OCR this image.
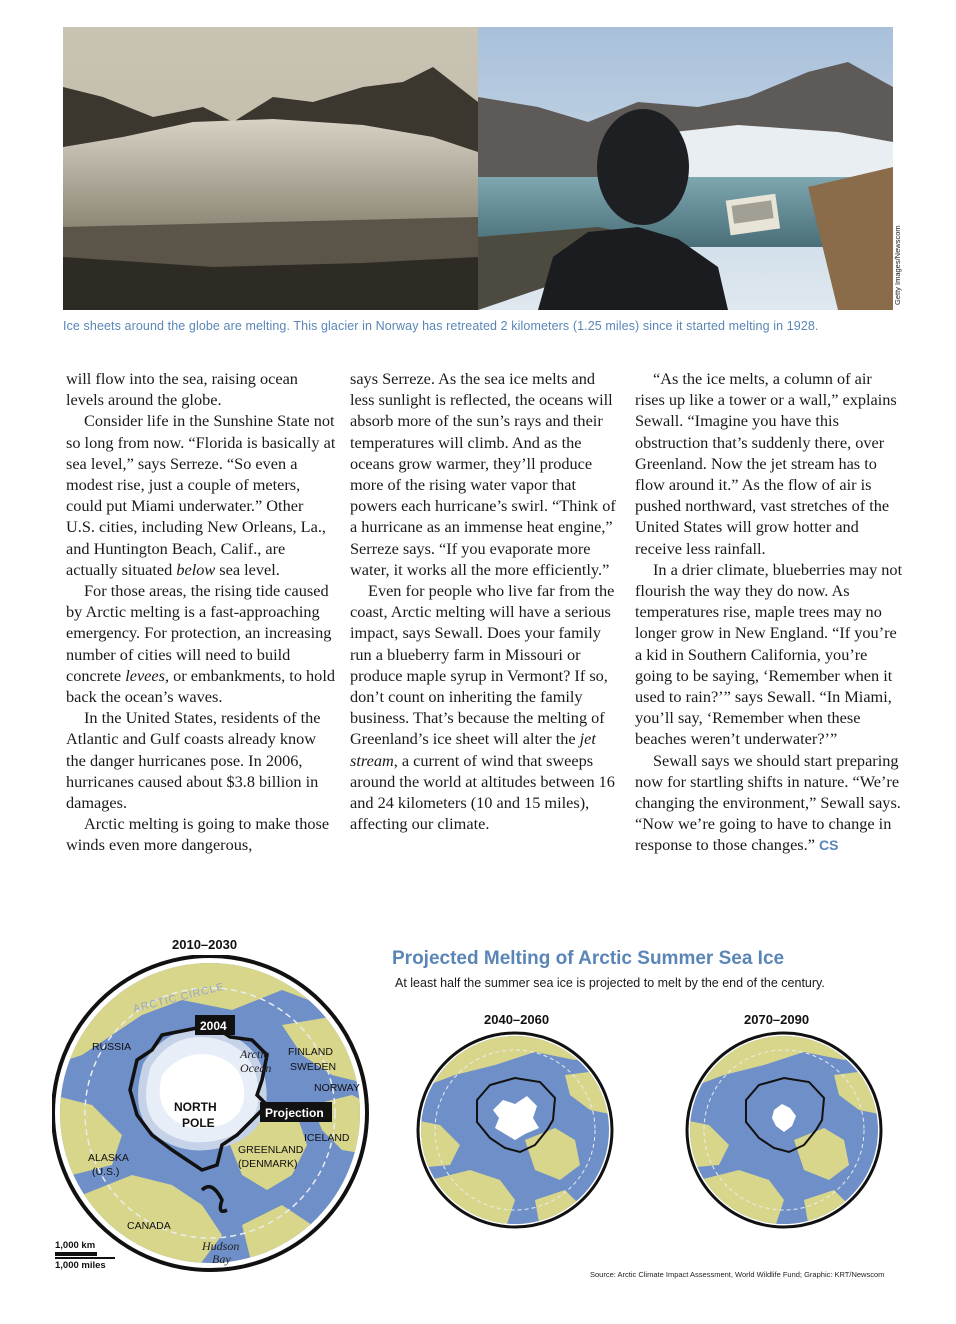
Getty Images/Newscom
Ice sheets around the globe are melting. This glacier in Norway has retreated 2 kilometers (1.25 miles) since it started melting in 1928.

will flow into the sea, raising ocean levels around the globe.

Consider life in the Sunshine State not so long from now. “Florida is basically at sea level,” says Serreze. “So even a modest rise, just a couple of meters, could put Miami underwater.” Other U.S. cities, including New Orleans, La., and Huntington Beach, Calif., are actually situated below sea level.

For those areas, the rising tide caused by Arctic melting is a fast-approaching emergency. For protection, an increasing number of cities will need to build concrete levees, or embankments, to hold back the ocean’s waves.

In the United States, residents of the Atlantic and Gulf coasts already know the danger hurricanes pose. In 2006, hurricanes caused about $3.8 billion in damages.

Arctic melting is going to make those winds even more dangerous,

says Serreze. As the sea ice melts and less sunlight is reflected, the oceans will absorb more of the sun’s rays and their temperatures will climb. And as the oceans grow warmer, they’ll produce more of the rising water vapor that powers each hurricane’s swirl. “Think of a hurricane as an immense heat engine,” Serreze says. “If you evaporate more water, it works all the more efficiently.”

Even for people who live far from the coast, Arctic melting will have a serious impact, says Sewall. Does your family run a blueberry farm in Missouri or produce maple syrup in Vermont? If so, don’t count on inheriting the family business. That’s because the melting of Greenland’s ice sheet will alter the jet stream, a current of wind that sweeps around the world at altitudes between 16 and 24 kilometers (10 and 15 miles), affecting our climate.

“As the ice melts, a column of air rises up like a tower or a wall,” explains Sewall. “Imagine you have this obstruction that’s suddenly there, over Greenland. Now the jet stream has to flow around it.” As the flow of air is pushed northward, vast stretches of the United States will grow hotter and receive less rainfall.

In a drier climate, blueberries may not flourish the way they do now. As temperatures rise, maple trees may no longer grow in New England. “If you’re a kid in Southern California, you’re going to be saying, ‘Remember when it used to rain?’” says Sewall. “In Miami, you’ll say, ‘Remember when these beaches weren’t underwater?’”

Sewall says we should start preparing now for startling shifts in nature. “We’re changing the environment,” Sewall says. “Now we’re going to have to change in response to those changes.” CS

Projected Melting of Arctic Summer Sea Ice
At least half the summer sea ice is projected to melt by the end of the century.
2010–2030
2040–2060	2070–2090
ARCTIC CIRCLE
2004
RUSSIA	Arctic
Ocean
FINLAND
SWEDEN
NORWAY
NORTH
POLE
Projection
ICELAND
GREENLAND
(DENMARK)
ALASKA
(U.S.)
CANADA
Hudson
Bay
1,000 km
1,000 miles
Source: Arctic Climate Impact Assessment, World Wildlife Fund; Graphic: KRT/Newscom
